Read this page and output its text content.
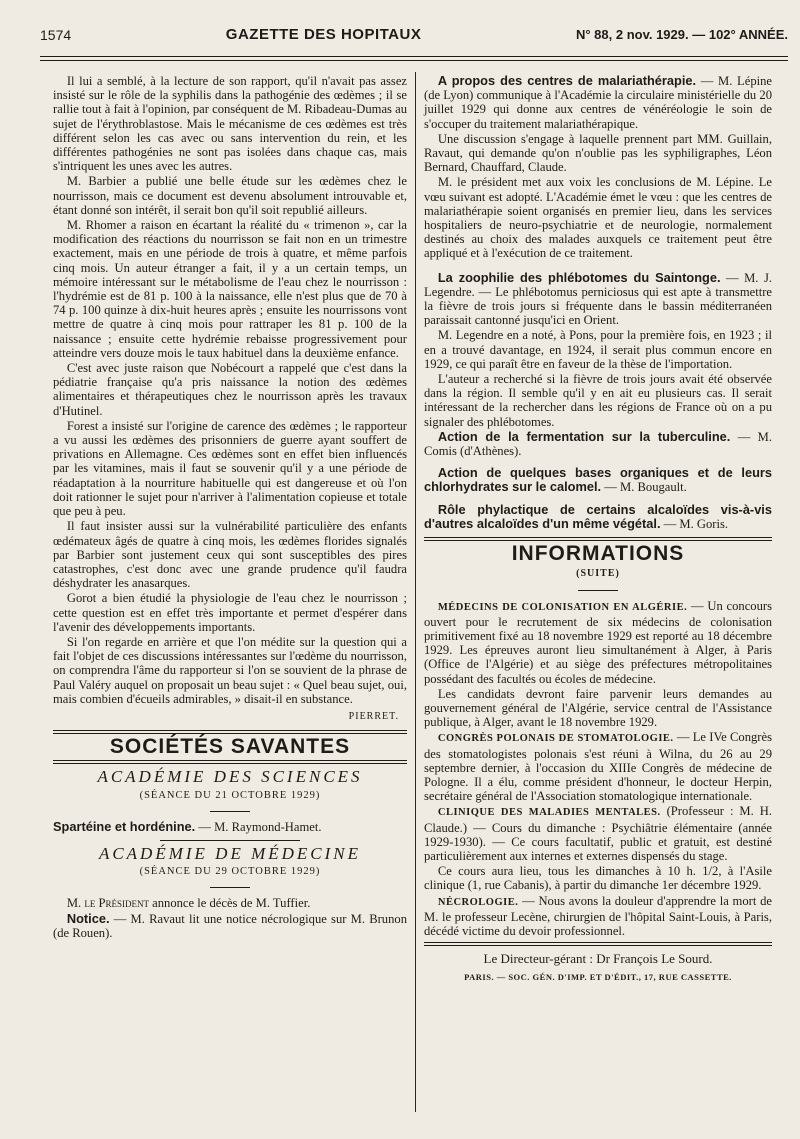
1574	GAZETTE DES HOPITAUX	N° 88, 2 nov. 1929. — 102° ANNÉE.

Il lui a semblé, à la lecture de son rapport, qu'il n'avait pas assez insisté sur le rôle de la syphilis dans la pathogénie des œdèmes ; il se rallie tout à fait à l'opinion, par conséquent de M. Ribadeau-Dumas au sujet de l'érythroblastose. Mais le mécanisme de ces œdèmes est très différent selon les cas avec ou sans intervention du rein, et les différentes pathogénies ne sont pas isolées dans chaque cas, mais s'intriquent les unes avec les autres.

M. Barbier a publié une belle étude sur les œdèmes chez le nourrisson, mais ce document est devenu absolument introuvable et, étant donné son intérêt, il serait bon qu'il soit republié ailleurs.

M. Rhomer a raison en écartant la réalité du « trimenon », car la modification des réactions du nourrisson se fait non en un trimestre exactement, mais en une période de trois à quatre, et même parfois cinq mois. Un auteur étranger a fait, il y a un certain temps, un mémoire intéressant sur le métabolisme de l'eau chez le nourrisson : l'hydrémie est de 81 p. 100 à la naissance, elle n'est plus que de 70 à 74 p. 100 quinze à dix-huit heures après ; ensuite les nourrissons vont mettre de quatre à cinq mois pour rattraper les 81 p. 100 de la naissance ; ensuite cette hydrémie rebaisse progressivement pour atteindre vers douze mois le taux habituel dans la deuxième enfance.

C'est avec juste raison que Nobécourt a rappelé que c'est dans la pédiatrie française qu'a pris naissance la notion des œdèmes alimentaires et thérapeutiques chez le nourrisson après les travaux d'Hutinel.

Forest a insisté sur l'origine de carence des œdèmes ; le rapporteur a vu aussi les œdèmes des prisonniers de guerre ayant souffert de privations en Allemagne. Ces œdèmes sont en effet bien influencés par les vitamines, mais il faut se souvenir qu'il y a une période de réadaptation à la nourriture habituelle qui est dangereuse et où l'on doit rationner le sujet pour n'arriver à l'alimentation copieuse et totale que peu à peu.

Il faut insister aussi sur la vulnérabilité particulière des enfants œdémateux âgés de quatre à cinq mois, les œdèmes florides signalés par Barbier sont justement ceux qui sont susceptibles des pires catastrophes, c'est donc avec une grande prudence qu'il faudra déshydrater les anasarques.

Gorot a bien étudié la physiologie de l'eau chez le nourrisson ; cette question est en effet très importante et permet d'espérer dans l'avenir des développements importants.

Si l'on regarde en arrière et que l'on médite sur la question qui a fait l'objet de ces discussions intéressantes sur l'œdème du nourrisson, on comprendra l'âme du rapporteur si l'on se souvient de la phrase de Paul Valéry auquel on proposait un beau sujet : « Quel beau sujet, oui, mais combien d'écueils admirables, » disait-il en substance.

PIERRET.
SOCIÉTÉS SAVANTES
ACADÉMIE DES SCIENCES
(SÉANCE DU 21 OCTOBRE 1929)

Spartéine et hordénine. — M. Raymond-Hamet.

ACADÉMIE DE MÉDECINE
(SÉANCE DU 29 OCTOBRE 1929)

M. le Président annonce le décès de M. Tuffier.

Notice. — M. Ravaut lit une notice nécrologique sur M. Brunon (de Rouen).

A propos des centres de malariathérapie. — M. Lépine (de Lyon) communique à l'Académie la circulaire ministérielle du 20 juillet 1929 qui donne aux centres de vénéréologie le soin de s'occuper du traitement malariathérapique.

Une discussion s'engage à laquelle prennent part MM. Guillain, Ravaut, qui demande qu'on n'oublie pas les syphiligraphes, Léon Bernard, Chauffard, Claude.

M. le président met aux voix les conclusions de M. Lépine. Le vœu suivant est adopté. L'Académie émet le vœu : que les centres de malariathérapie soient organisés en premier lieu, dans les services hospitaliers de neuro-psychiatrie et de neurologie, normalement destinés au choix des malades auxquels ce traitement peut être appliqué et à l'exécution de ce traitement.

La zoophilie des phlébotomes du Saintonge. — M. J. Legendre. — Le phlébotomus perniciosus qui est apte à transmettre la fièvre de trois jours si fréquente dans le bassin méditerranéen paraissait cantonné jusqu'ici en Orient.

M. Legendre en a noté, à Pons, pour la première fois, en 1923 ; il en a trouvé davantage, en 1924, il serait plus commun encore en 1929, ce qui paraît être en faveur de la thèse de l'importation.

L'auteur a recherché si la fièvre de trois jours avait été observée dans la région. Il semble qu'il y en ait eu plusieurs cas. Il serait intéressant de la rechercher dans les régions de France où on a pu signaler des phlébotomes.

Action de la fermentation sur la tuberculine. — M. Comis (d'Athènes).

Action de quelques bases organiques et de leurs chlorhydrates sur le calomel. — M. Bougault.

Rôle phylactique de certains alcaloïdes vis-à-vis d'autres alcaloïdes d'un même végétal. — M. Goris.

INFORMATIONS
(SUITE)

MÉDECINS DE COLONISATION EN ALGÉRIE. — Un concours ouvert pour le recrutement de six médecins de colonisation primitivement fixé au 18 novembre 1929 est reporté au 18 décembre 1929. Les épreuves auront lieu simultanément à Alger, à Paris (Office de l'Algérie) et au siège des préfectures métropolitaines possédant des facultés ou écoles de médecine.

Les candidats devront faire parvenir leurs demandes au gouvernement général de l'Algérie, service central de l'Assistance publique, à Alger, avant le 18 novembre 1929.

CONGRÈS POLONAIS DE STOMATOLOGIE. — Le IVe Congrès des stomatologistes polonais s'est réuni à Wilna, du 26 au 29 septembre dernier, à l'occasion du XIIIe Congrès de médecine de Pologne. Il a élu, comme président d'honneur, le docteur Herpin, secrétaire général de l'Association stomatologique internationale.

CLINIQUE DES MALADIES MENTALES. (Professeur : M. H. Claude.) — Cours du dimanche : Psychiâtrie élémentaire (année 1929-1930). — Ce cours facultatif, public et gratuit, est destiné particulièrement aux internes et externes dispensés du stage.

Ce cours aura lieu, tous les dimanches à 10 h. 1/2, à l'Asile clinique (1, rue Cabanis), à partir du dimanche 1er décembre 1929.

NÉCROLOGIE. — Nous avons la douleur d'apprendre la mort de M. le professeur Lecène, chirurgien de l'hôpital Saint-Louis, à Paris, décédé victime du devoir professionnel.

Le Directeur-gérant : Dr François Le Sourd.
PARIS. — SOC. GÉN. D'IMP. ET D'ÉDIT., 17, RUE CASSETTE.
